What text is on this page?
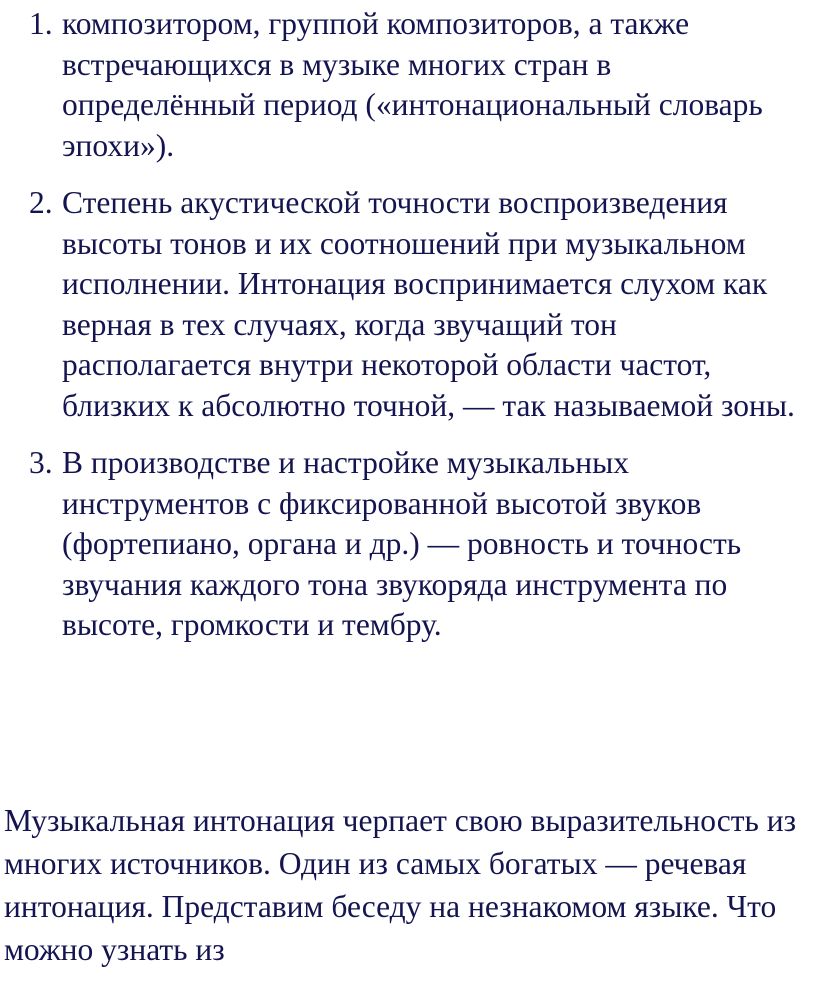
1. композитором, группой композиторов, а также встречающихся в музыке многих стран в определённый период («интонациональный словарь эпохи»).
2. Степень акустической точности воспроизведения высоты тонов и их соотношений при музыкальном исполнении. Интонация воспринимается слухом как верная в тех случаях, когда звучащий тон располагается внутри некоторой области частот, близких к абсолютно точной, — так называемой зоны.
3. В производстве и настройке музыкальных инструментов с фиксированной высотой звуков (фортепиано, органа и др.) — ровность и точность звучания каждого тона звукоряда инструмента по высоте, громкости и тембру.

Музыкальная интонация черпает свою выразительность из многих источников. Один из самых богатых — речевая интонация. Представим беседу на незнакомом языке. Что можно узнать из
